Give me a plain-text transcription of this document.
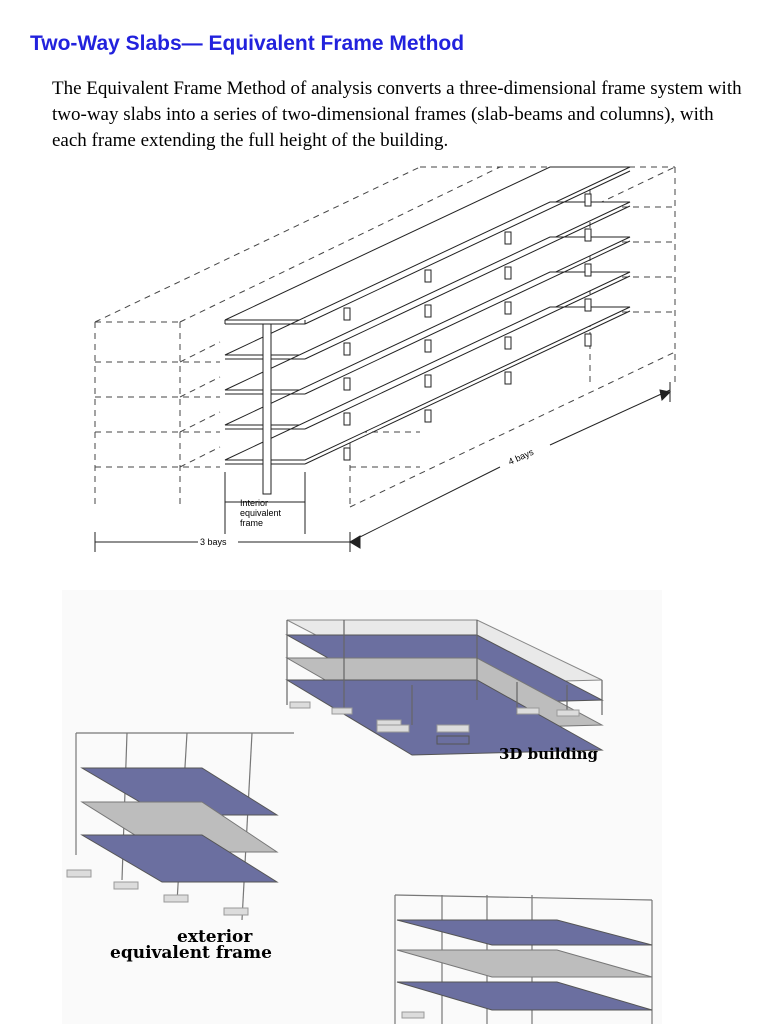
Two-Way Slabs— Equivalent Frame Method

The Equivalent Frame Method of analysis converts a three-dimensional frame system with two-way slabs into a series of two-dimensional frames (slab-beams and columns), with each frame extending the full height of the building.

Interior
equivalent
frame
3 bays
4 bays
3D building
exterior
equivalent frame
